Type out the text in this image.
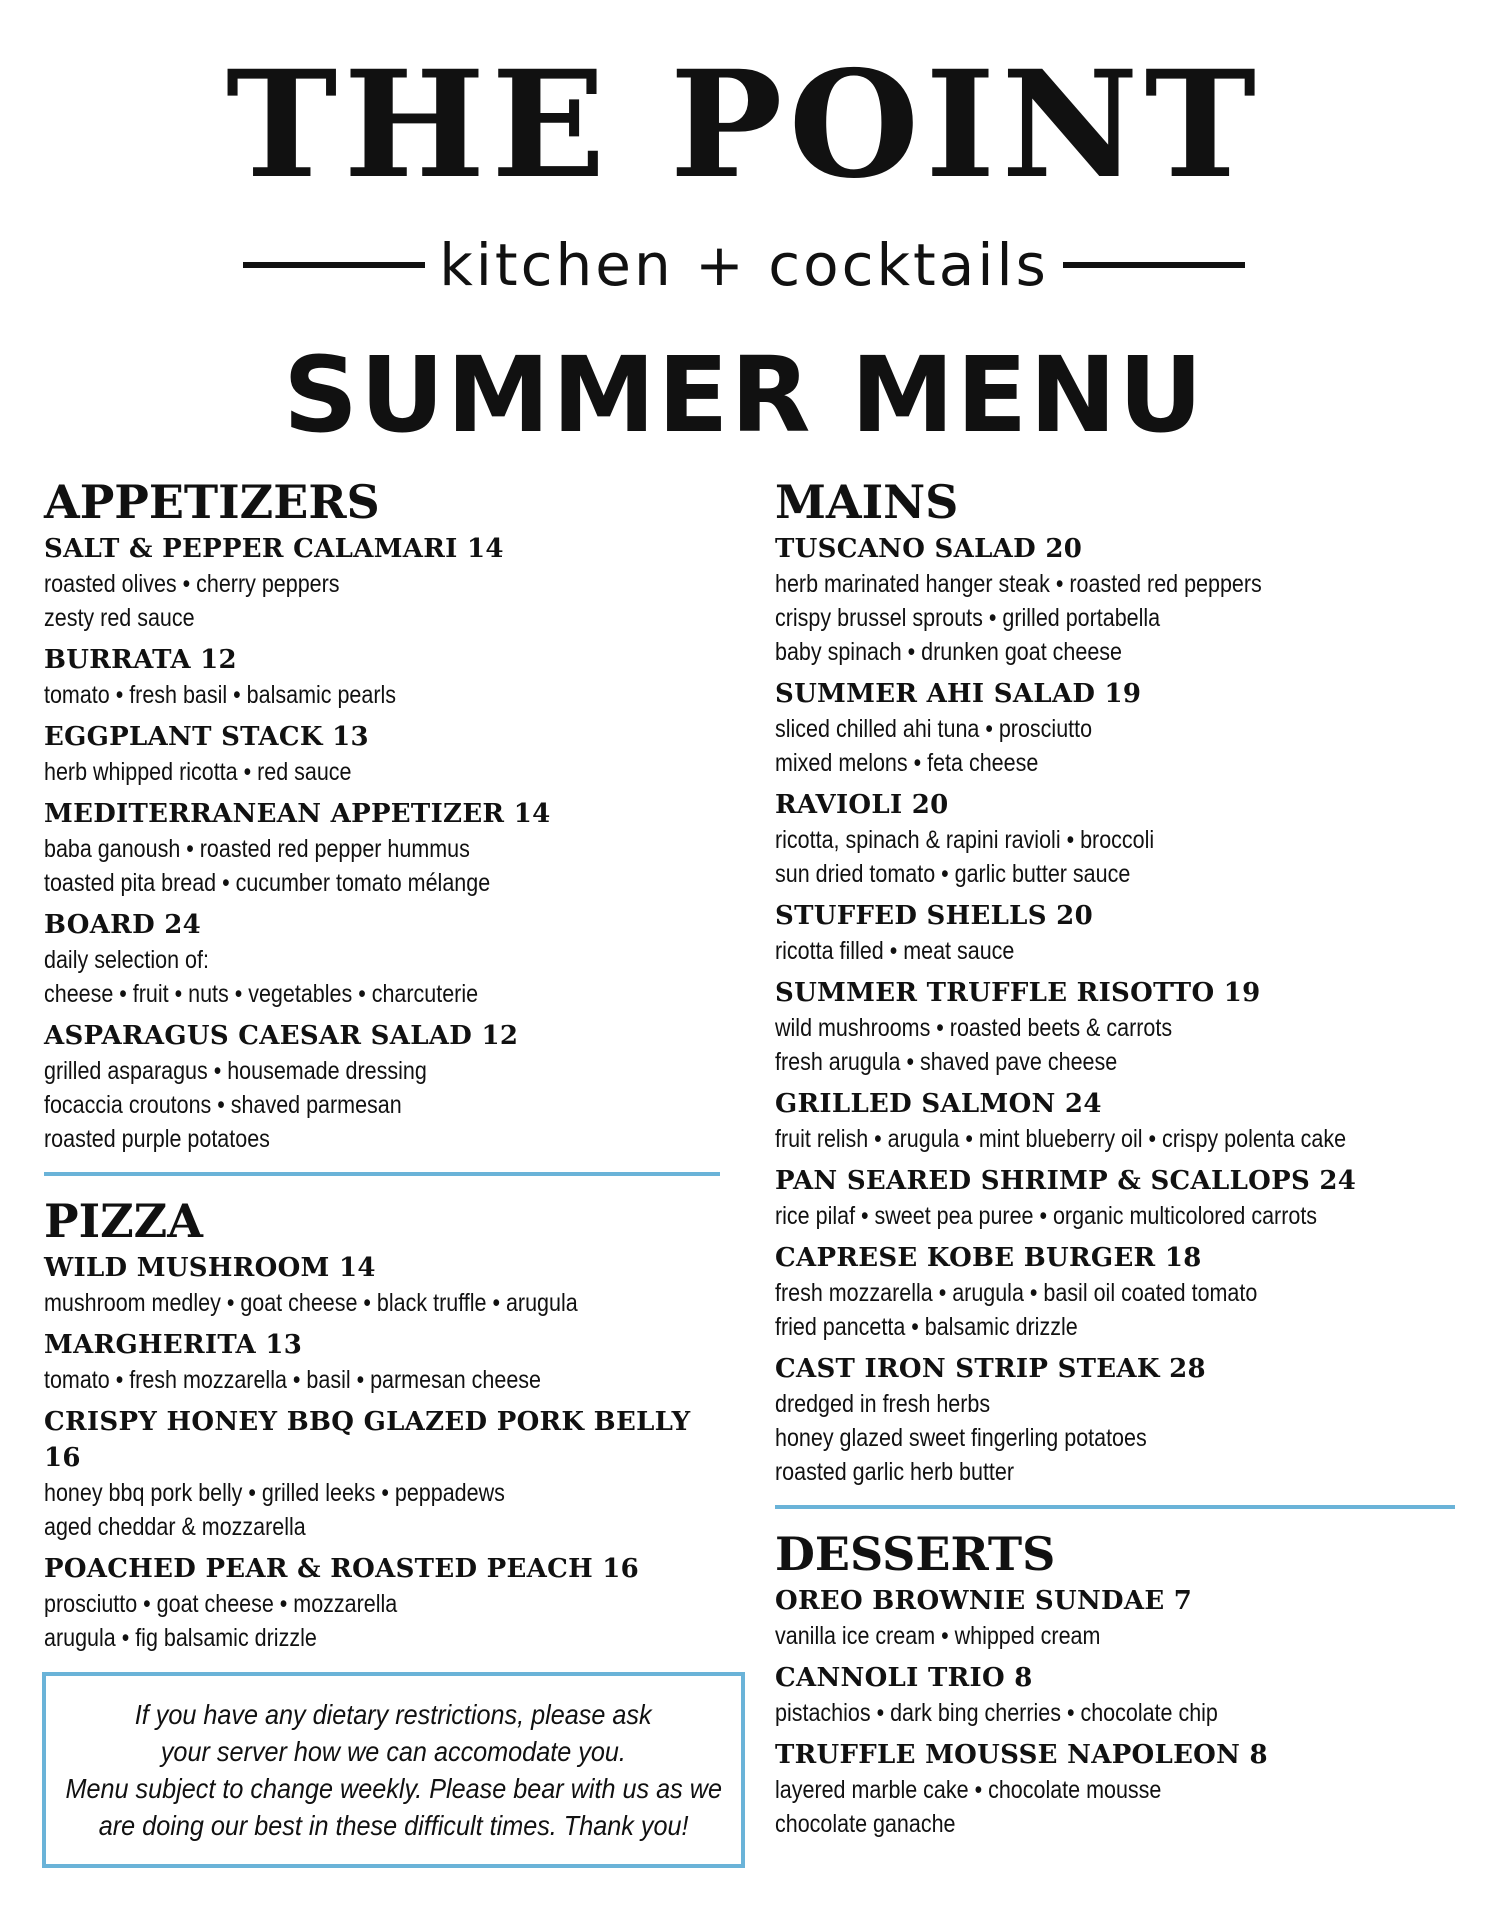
THE POINT
kitchen + cocktails
SUMMER MENU
APPETIZERS
SALT & PEPPER CALAMARI 14
roasted olives • cherry peppers
zesty red sauce
BURRATA 12
tomato • fresh basil • balsamic pearls
EGGPLANT STACK 13
herb whipped ricotta • red sauce
MEDITERRANEAN APPETIZER 14
baba ganoush • roasted red pepper hummus
toasted pita bread • cucumber tomato mélange
BOARD 24
daily selection of:
cheese • fruit • nuts • vegetables • charcuterie
ASPARAGUS CAESAR SALAD 12
grilled asparagus • housemade dressing
focaccia croutons • shaved parmesan
roasted purple potatoes
PIZZA
WILD MUSHROOM 14
mushroom medley • goat cheese • black truffle • arugula
MARGHERITA 13
tomato • fresh mozzarella • basil • parmesan cheese
CRISPY HONEY BBQ GLAZED PORK BELLY 16
honey bbq pork belly • grilled leeks • peppadews
aged cheddar & mozzarella
POACHED PEAR & ROASTED PEACH 16
prosciutto • goat cheese • mozzarella
arugula • fig balsamic drizzle
MAINS
TUSCANO SALAD 20
herb marinated hanger steak • roasted red peppers
crispy brussel sprouts • grilled portabella
baby spinach • drunken goat cheese
SUMMER AHI SALAD 19
sliced chilled ahi tuna • prosciutto
mixed melons • feta cheese
RAVIOLI 20
ricotta, spinach & rapini ravioli • broccoli
sun dried tomato • garlic butter sauce
STUFFED SHELLS 20
ricotta filled • meat sauce
SUMMER TRUFFLE RISOTTO 19
wild mushrooms • roasted beets & carrots
fresh arugula • shaved pave cheese
GRILLED SALMON 24
fruit relish • arugula • mint blueberry oil • crispy polenta cake
PAN SEARED SHRIMP & SCALLOPS 24
rice pilaf • sweet pea puree • organic multicolored carrots
CAPRESE KOBE BURGER 18
fresh mozzarella • arugula • basil oil coated tomato
fried pancetta • balsamic drizzle
CAST IRON STRIP STEAK 28
dredged in fresh herbs
honey glazed sweet fingerling potatoes
roasted garlic herb butter
DESSERTS
OREO BROWNIE SUNDAE 7
vanilla ice cream • whipped cream
CANNOLI TRIO 8
pistachios • dark bing cherries • chocolate chip
TRUFFLE MOUSSE NAPOLEON 8
layered marble cake • chocolate mousse
chocolate ganache
If you have any dietary restrictions, please ask
your server how we can accomodate you.
Menu subject to change weekly. Please bear with us as we
are doing our best in these difficult times. Thank you!
